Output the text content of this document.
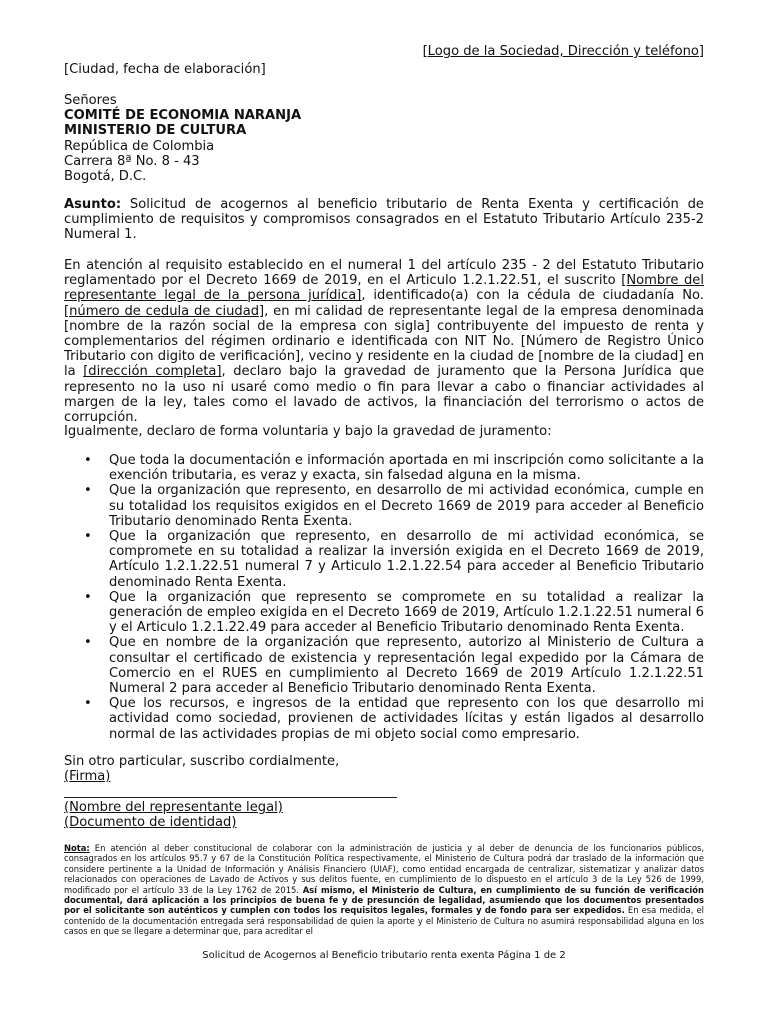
[Logo de la Sociedad, Dirección y teléfono]
[Ciudad, fecha de elaboración]
Señores
COMITÉ DE ECONOMIA NARANJA
MINISTERIO DE CULTURA
República de Colombia
Carrera 8ª No. 8 - 43
Bogotá, D.C.
Asunto: Solicitud de acogernos al beneficio tributario de Renta Exenta y certificación de cumplimiento de requisitos y compromisos consagrados en el Estatuto Tributario Artículo 235-2 Numeral 1.
En atención al requisito establecido en el numeral 1 del artículo 235 - 2 del Estatuto Tributario reglamentado por el Decreto 1669 de 2019, en el Articulo 1.2.1.22.51, el suscrito [Nombre del representante legal de la persona jurídica], identificado(a) con la cédula de ciudadanía No. [número de cedula de ciudad], en mi calidad de representante legal de la empresa denominada [nombre de la razón social de la empresa con sigla] contribuyente del impuesto de renta y complementarios del régimen ordinario e identificada con NIT No. [Número de Registro Único Tributario con digito de verificación], vecino y residente en la ciudad de [nombre de la ciudad] en la [dirección completa], declaro bajo la gravedad de juramento que la Persona Jurídica que represento no la uso ni usaré como medio o fin para llevar a cabo o financiar actividades al margen de la ley, tales como el lavado de activos, la financiación del terrorismo o actos de corrupción.
Igualmente, declaro de forma voluntaria y bajo la gravedad de juramento:
• Que toda la documentación e información aportada en mi inscripción como solicitante a la exención tributaria, es veraz y exacta, sin falsedad alguna en la misma.
• Que la organización que represento, en desarrollo de mi actividad económica, cumple en su totalidad los requisitos exigidos en el Decreto 1669 de 2019 para acceder al Beneficio Tributario denominado Renta Exenta.
• Que la organización que represento, en desarrollo de mi actividad económica, se compromete en su totalidad a realizar la inversión exigida en el Decreto 1669 de 2019, Artículo 1.2.1.22.51 numeral 7 y Articulo 1.2.1.22.54 para acceder al Beneficio Tributario denominado Renta Exenta.
• Que la organización que represento se compromete en su totalidad a realizar la generación de empleo exigida en el Decreto 1669 de 2019, Artículo 1.2.1.22.51 numeral 6 y el Articulo 1.2.1.22.49 para acceder al Beneficio Tributario denominado Renta Exenta.
• Que en nombre de la organización que represento, autorizo al Ministerio de Cultura a consultar el certificado de existencia y representación legal expedido por la Cámara de Comercio en el RUES en cumplimiento al Decreto 1669 de 2019 Artículo 1.2.1.22.51 Numeral 2 para acceder al Beneficio Tributario denominado Renta Exenta.
• Que los recursos, e ingresos de la entidad que represento con los que desarrollo mi actividad como sociedad, provienen de actividades lícitas y están ligados al desarrollo normal de las actividades propias de mi objeto social como empresario.
Sin otro particular, suscribo cordialmente,
(Firma)
(Nombre del representante legal)
(Documento de identidad)
Nota: En atención al deber constitucional de colaborar con la administración de justicia y al deber de denuncia de los funcionarios públicos, consagrados en los artículos 95.7 y 67 de la Constitución Política respectivamente, el Ministerio de Cultura podrá dar traslado de la información que considere pertinente a la Unidad de Información y Análisis Financiero (UIAF), como entidad encargada de centralizar, sistematizar y analizar datos relacionados con operaciones de Lavado de Activos y sus delitos fuente, en cumplimiento de lo dispuesto en el artículo 3 de la Ley 526 de 1999, modificado por el artículo 33 de la Ley 1762 de 2015. Así mismo, el Ministerio de Cultura, en cumplimiento de su función de verificación documental, dará aplicación a los principios de buena fe y de presunción de legalidad, asumiendo que los documentos presentados por el solicitante son auténticos y cumplen con todos los requisitos legales, formales y de fondo para ser expedidos. En esa medida, el contenido de la documentación entregada será responsabilidad de quien la aporte y el Ministerio de Cultura no asumirá responsabilidad alguna en los casos en que se llegare a determinar que, para acreditar el
Solicitud de Acogernos al Beneficio tributario renta exenta Página 1 de 2
